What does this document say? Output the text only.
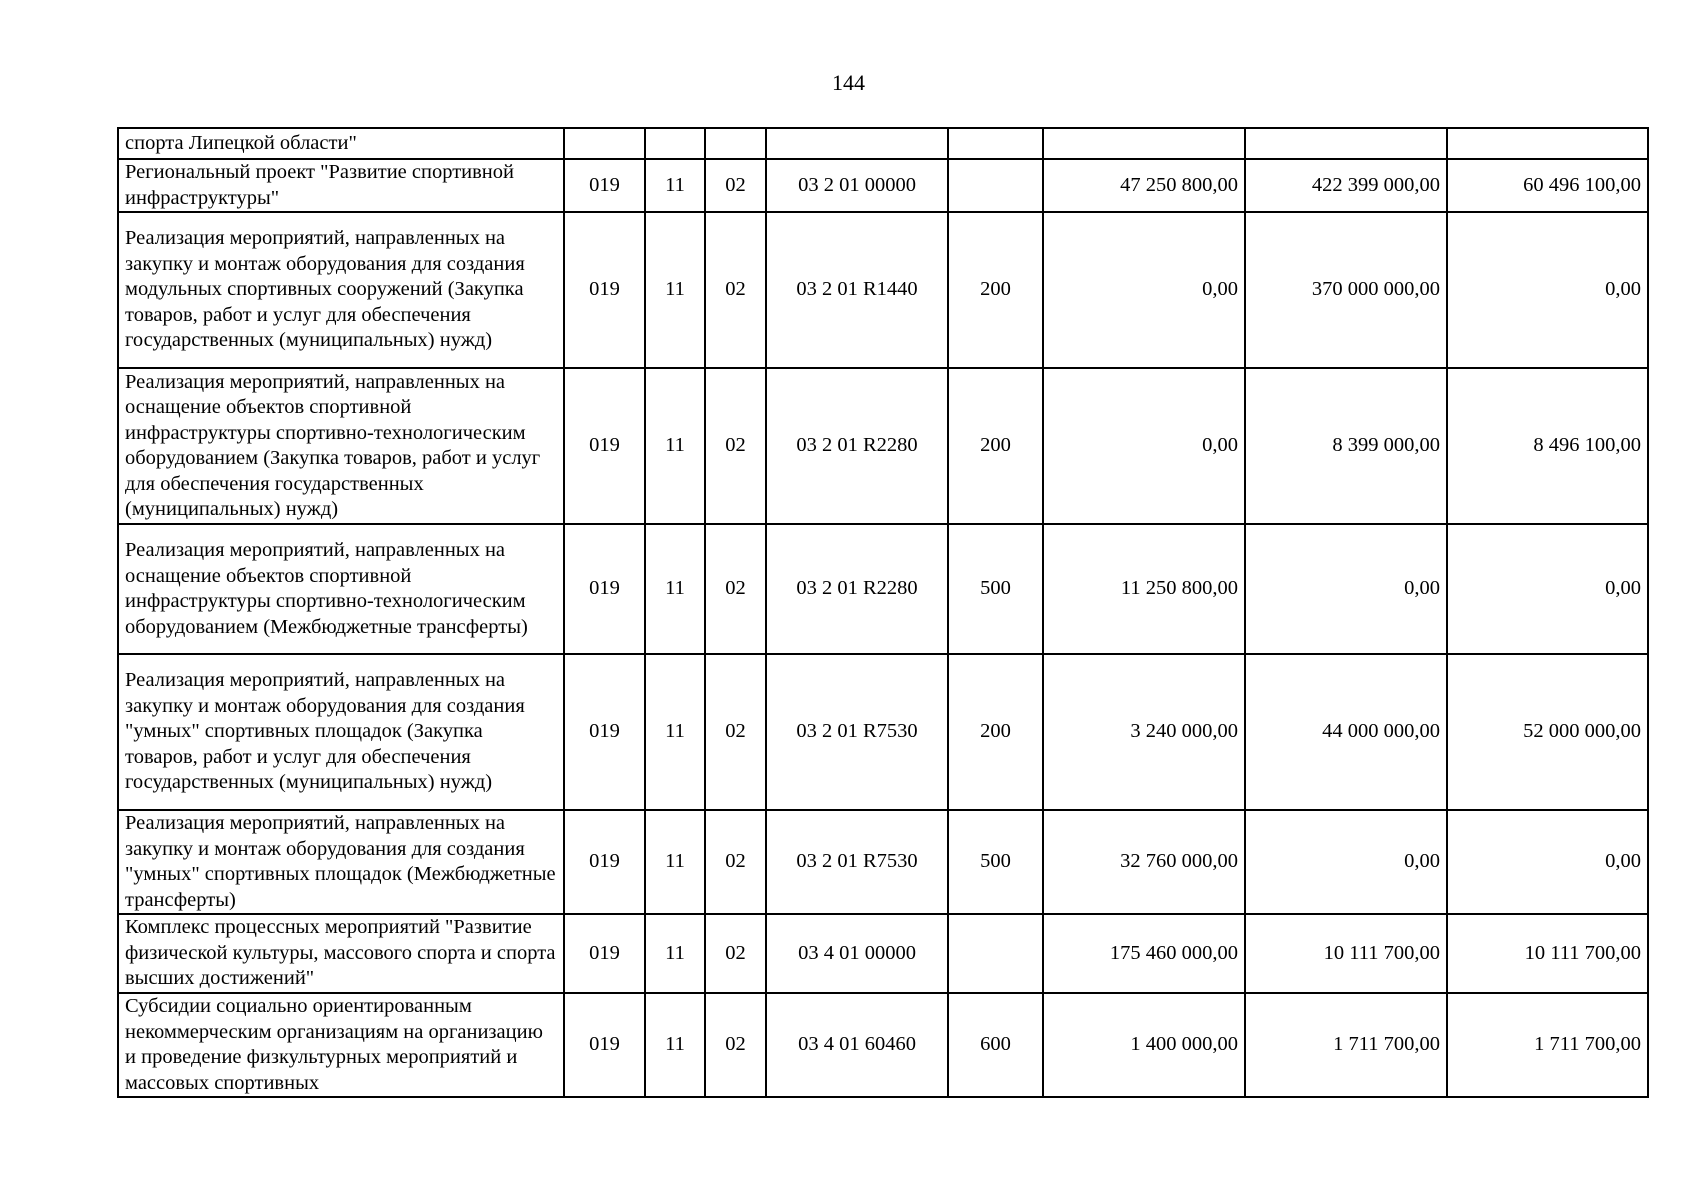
144
спорта Липецкой области"								
Региональный проект "Развитие спортивной инфраструктуры"	019	11	02	03 2 01 00000		47 250 800,00	422 399 000,00	60 496 100,00
Реализация мероприятий, направленных на закупку и монтаж оборудования для создания модульных спортивных сооружений (Закупка товаров, работ и услуг для обеспечения государственных (муниципальных) нужд)	019	11	02	03 2 01 R1440	200	0,00	370 000 000,00	0,00
Реализация мероприятий, направленных на оснащение объектов спортивной инфраструктуры спортивно-технологическим оборудованием (Закупка товаров, работ и услуг для обеспечения государственных (муниципальных) нужд)	019	11	02	03 2 01 R2280	200	0,00	8 399 000,00	8 496 100,00
Реализация мероприятий, направленных на оснащение объектов спортивной инфраструктуры спортивно-технологическим оборудованием (Межбюджетные трансферты)	019	11	02	03 2 01 R2280	500	11 250 800,00	0,00	0,00
Реализация мероприятий, направленных на закупку и монтаж оборудования для создания "умных" спортивных площадок (Закупка товаров, работ и услуг для обеспечения государственных (муниципальных) нужд)	019	11	02	03 2 01 R7530	200	3 240 000,00	44 000 000,00	52 000 000,00
Реализация мероприятий, направленных на закупку и монтаж оборудования для создания "умных" спортивных площадок (Межбюджетные трансферты)	019	11	02	03 2 01 R7530	500	32 760 000,00	0,00	0,00
Комплекс процессных мероприятий "Развитие физической культуры, массового спорта и спорта высших достижений"	019	11	02	03 4 01 00000		175 460 000,00	10 111 700,00	10 111 700,00
Субсидии социально ориентированным некоммерческим организациям на организацию и проведение физкультурных мероприятий и массовых спортивных	019	11	02	03 4 01 60460	600	1 400 000,00	1 711 700,00	1 711 700,00
